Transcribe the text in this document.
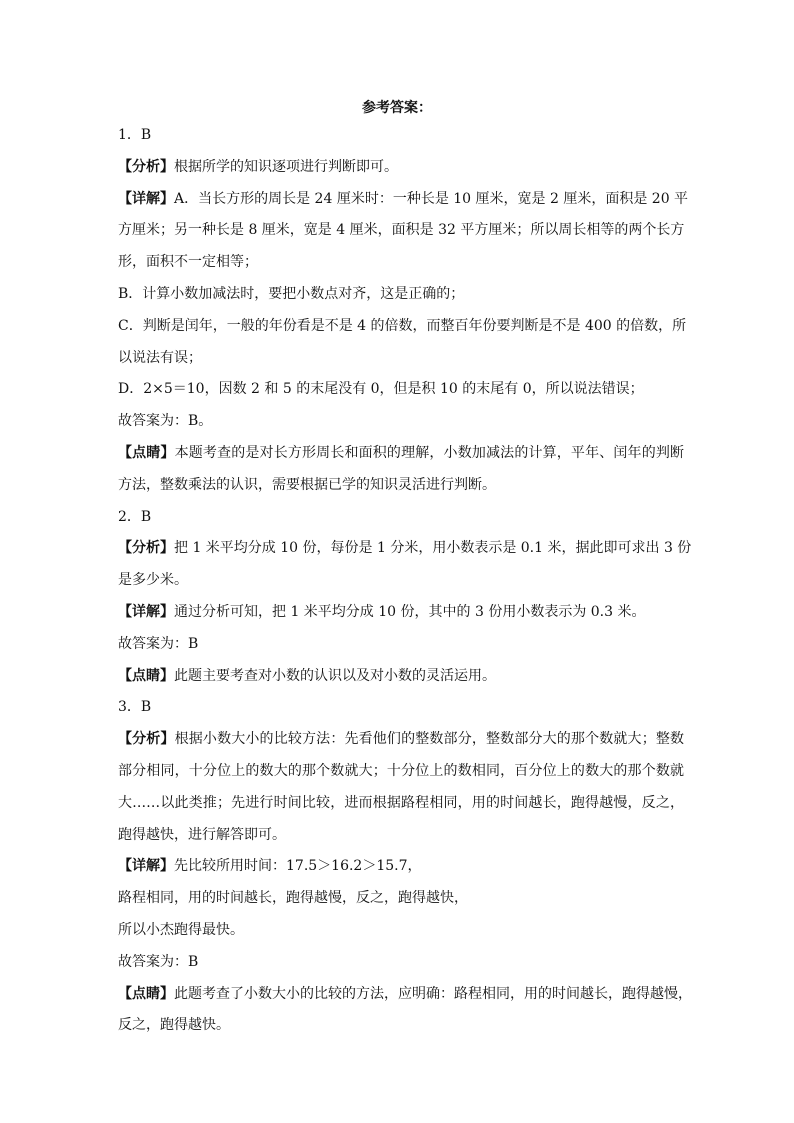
参考答案：
1．B
【分析】根据所学的知识逐项进行判断即可。
【详解】A．当长方形的周长是 24 厘米时：一种长是 10 厘米，宽是 2 厘米，面积是 20 平
方厘米；另一种长是 8 厘米，宽是 4 厘米，面积是 32 平方厘米；所以周长相等的两个长方
形，面积不一定相等；
B．计算小数加减法时，要把小数点对齐，这是正确的；
C．判断是闰年，一般的年份看是不是 4 的倍数，而整百年份要判断是不是 400 的倍数，所
以说法有误；
D．2×5＝10，因数 2 和 5 的末尾没有 0，但是积 10 的末尾有 0，所以说法错误；
故答案为：B。
【点睛】本题考查的是对长方形周长和面积的理解，小数加减法的计算，平年、闰年的判断
方法，整数乘法的认识，需要根据已学的知识灵活进行判断。
2．B
【分析】把 1 米平均分成 10 份，每份是 1 分米，用小数表示是 0.1 米，据此即可求出 3 份
是多少米。
【详解】通过分析可知，把 1 米平均分成 10 份，其中的 3 份用小数表示为 0.3 米。
故答案为：B
【点睛】此题主要考查对小数的认识以及对小数的灵活运用。
3．B
【分析】根据小数大小的比较方法：先看他们的整数部分，整数部分大的那个数就大；整数
部分相同，十分位上的数大的那个数就大；十分位上的数相同，百分位上的数大的那个数就
大……以此类推；先进行时间比较，进而根据路程相同，用的时间越长，跑得越慢，反之，
跑得越快，进行解答即可。
【详解】先比较所用时间：17.5＞16.2＞15.7，
路程相同，用的时间越长，跑得越慢，反之，跑得越快，
所以小杰跑得最快。
故答案为：B
【点睛】此题考查了小数大小的比较的方法，应明确：路程相同，用的时间越长，跑得越慢，
反之，跑得越快。
